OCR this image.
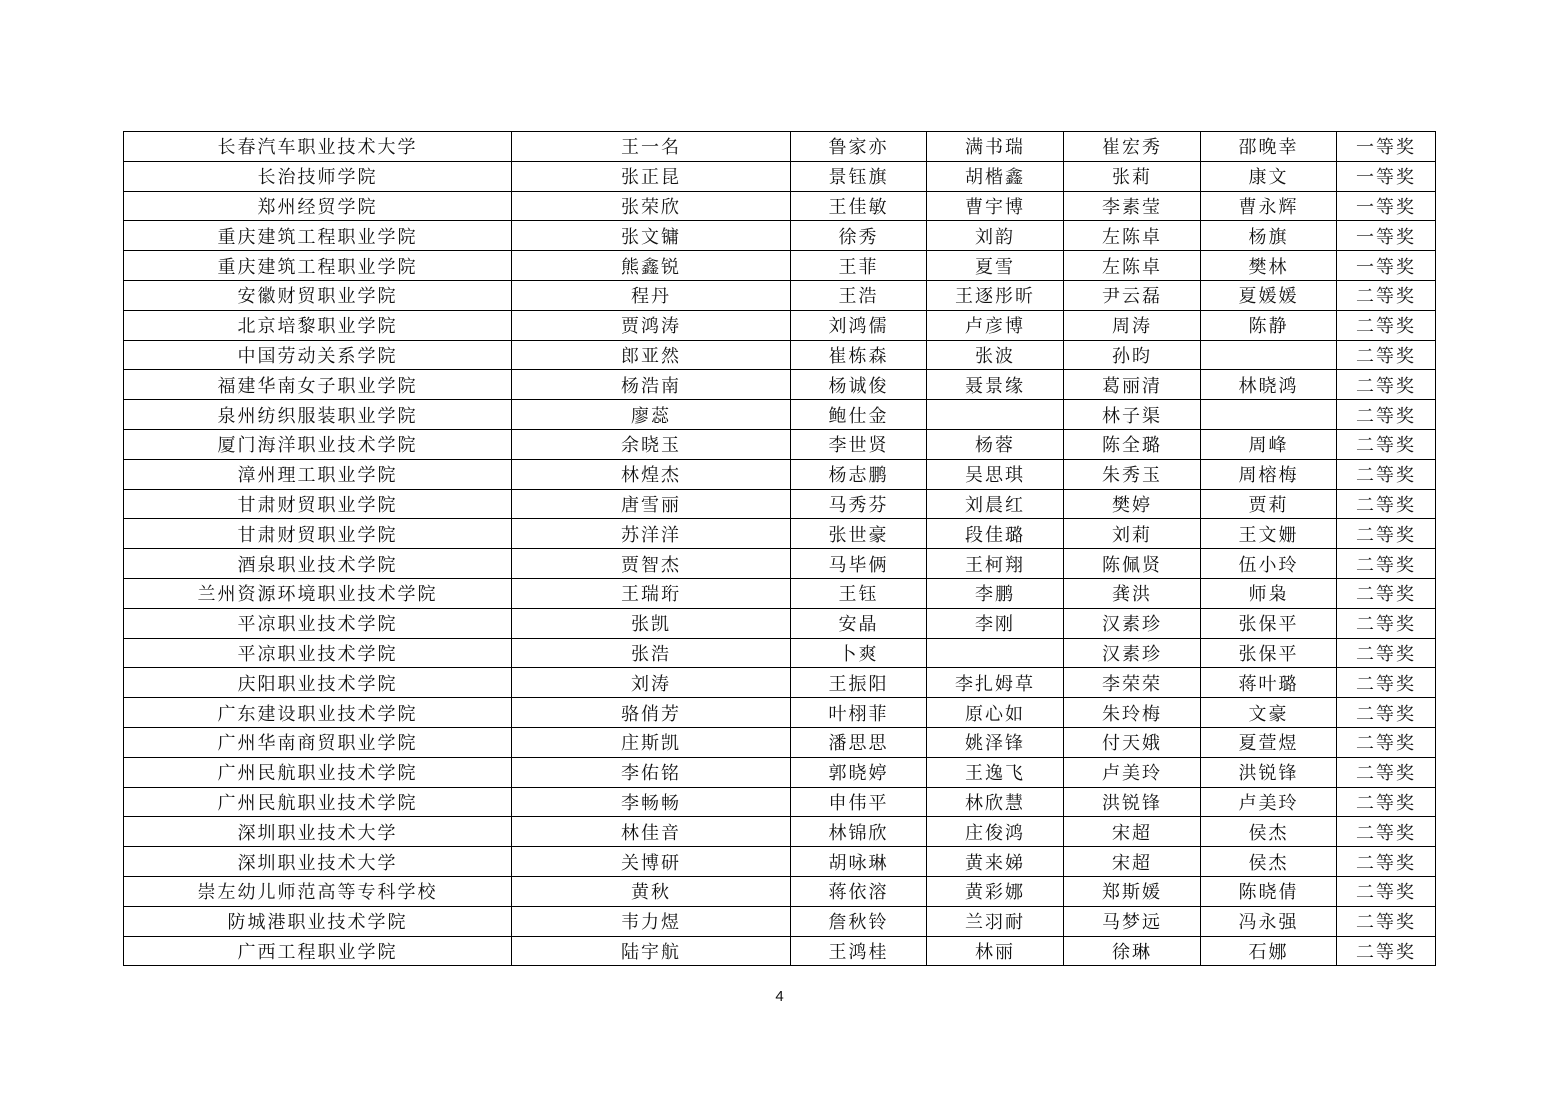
长春汽车职业技术大学	王一名	鲁家亦	满书瑞	崔宏秀	邵晚幸	一等奖
长治技师学院	张正昆	景钰旗	胡楷鑫	张莉	康文	一等奖
郑州经贸学院	张荣欣	王佳敏	曹宇博	李素莹	曹永辉	一等奖
重庆建筑工程职业学院	张文镛	徐秀	刘韵	左陈卓	杨旗	一等奖
重庆建筑工程职业学院	熊鑫锐	王菲	夏雪	左陈卓	樊林	一等奖
安徽财贸职业学院	程丹	王浩	王逐彤昕	尹云磊	夏媛媛	二等奖
北京培黎职业学院	贾鸿涛	刘鸿儒	卢彦博	周涛	陈静	二等奖
中国劳动关系学院	郎亚然	崔栋森	张波	孙昀		二等奖
福建华南女子职业学院	杨浩南	杨诚俊	聂景缘	葛丽清	林晓鸿	二等奖
泉州纺织服装职业学院	廖蕊	鲍仕金		林子渠		二等奖
厦门海洋职业技术学院	余晓玉	李世贤	杨蓉	陈全璐	周峰	二等奖
漳州理工职业学院	林煌杰	杨志鹏	吴思琪	朱秀玉	周榕梅	二等奖
甘肃财贸职业学院	唐雪丽	马秀芬	刘晨红	樊婷	贾莉	二等奖
甘肃财贸职业学院	苏洋洋	张世豪	段佳璐	刘莉	王文姗	二等奖
酒泉职业技术学院	贾智杰	马毕俩	王柯翔	陈佩贤	伍小玲	二等奖
兰州资源环境职业技术学院	王瑞珩	王钰	李鹏	龚洪	师枭	二等奖
平凉职业技术学院	张凯	安晶	李刚	汉素珍	张保平	二等奖
平凉职业技术学院	张浩	卜爽		汉素珍	张保平	二等奖
庆阳职业技术学院	刘涛	王振阳	李扎姆草	李荣荣	蒋叶璐	二等奖
广东建设职业技术学院	骆俏芳	叶栩菲	原心如	朱玲梅	文豪	二等奖
广州华南商贸职业学院	庄斯凯	潘思思	姚泽锋	付天娥	夏萱煜	二等奖
广州民航职业技术学院	李佑铭	郭晓婷	王逸飞	卢美玲	洪锐锋	二等奖
广州民航职业技术学院	李畅畅	申伟平	林欣慧	洪锐锋	卢美玲	二等奖
深圳职业技术大学	林佳音	林锦欣	庄俊鸿	宋超	侯杰	二等奖
深圳职业技术大学	关博研	胡咏琳	黄来娣	宋超	侯杰	二等奖
崇左幼儿师范高等专科学校	黄秋	蒋依溶	黄彩娜	郑斯媛	陈晓倩	二等奖
防城港职业技术学院	韦力煜	詹秋铃	兰羽耐	马梦远	冯永强	二等奖
广西工程职业学院	陆宇航	王鸿桂	林丽	徐琳	石娜	二等奖
4
